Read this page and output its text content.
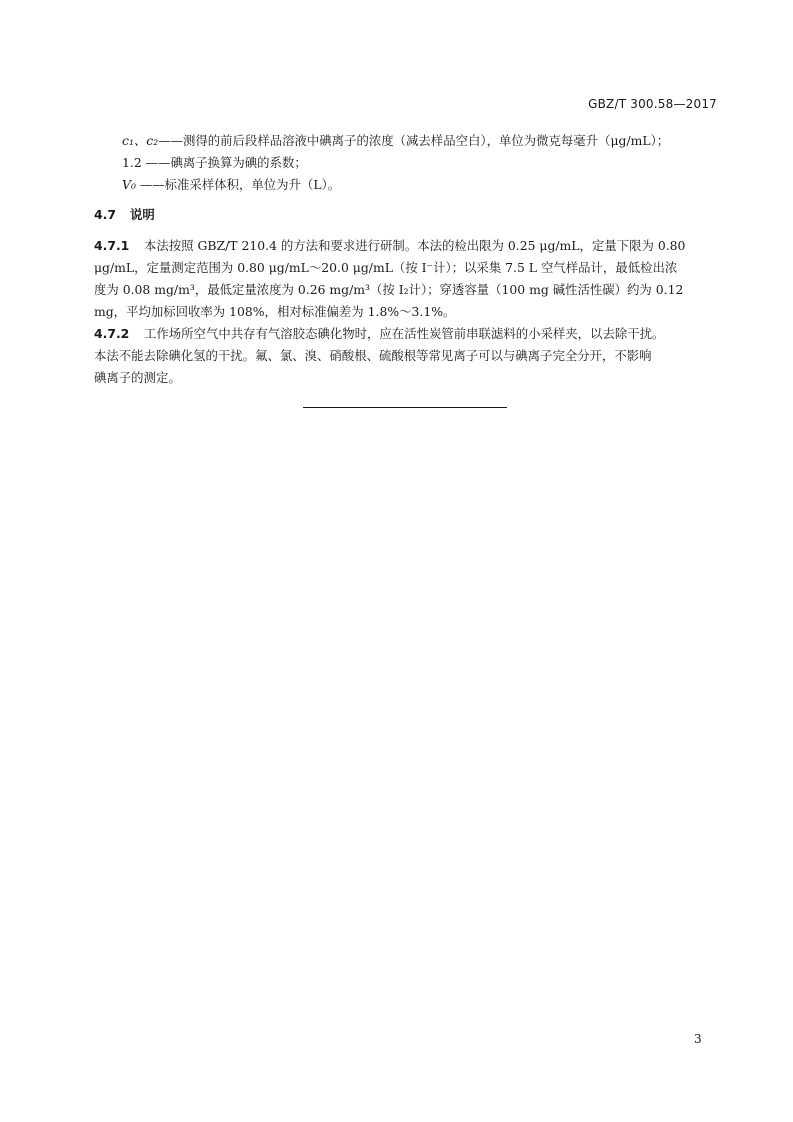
GBZ/T 300.58—2017
c₁、c₂——测得的前后段样品溶液中碘离子的浓度（减去样品空白），单位为微克每毫升（μg/mL）；
1.2 ——碘离子换算为碘的系数；
V₀ ——标准采样体积，单位为升（L）。
4.7 说明
4.7.1 本法按照 GBZ/T 210.4 的方法和要求进行研制。本法的检出限为 0.25 μg/mL，定量下限为 0.80
μg/mL，定量测定范围为 0.80 μg/mL～20.0 μg/mL（按 I⁻计）；以采集 7.5 L 空气样品计，最低检出浓
度为 0.08 mg/m³，最低定量浓度为 0.26 mg/m³（按 I₂计）；穿透容量（100 mg 碱性活性碳）约为 0.12
mg，平均加标回收率为 108%，相对标准偏差为 1.8%～3.1%。
4.7.2 工作场所空气中共存有气溶胶态碘化物时，应在活性炭管前串联滤料的小采样夹，以去除干扰。
本法不能去除碘化氢的干扰。氟、氯、溴、硝酸根、硫酸根等常见离子可以与碘离子完全分开，不影响
碘离子的测定。
3
